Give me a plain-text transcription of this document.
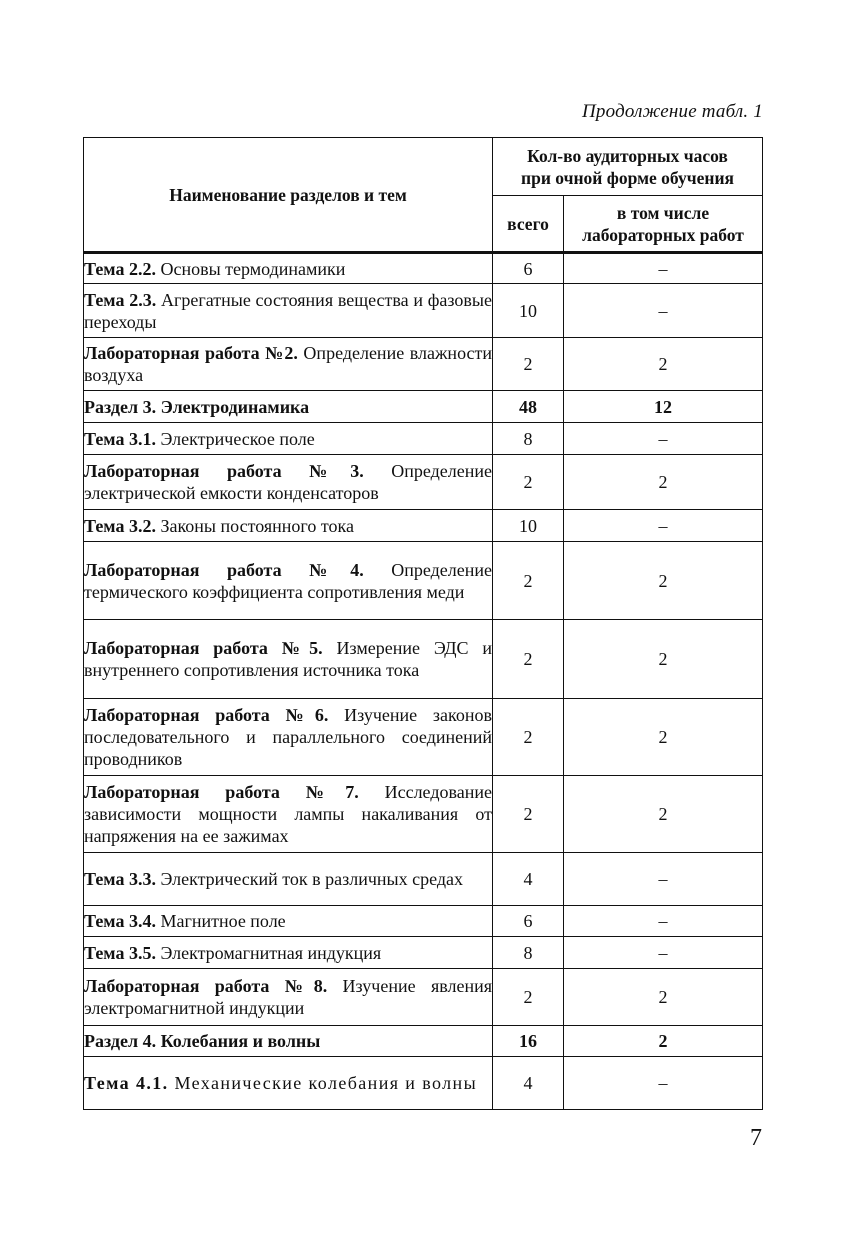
Продолжение табл. 1
Наименование разделов и тем	Кол-во аудиторных часов
при очной форме обучения	

	всего	в том числе
лабораторных работ

Тема 2.2. Основы термодинамики	6	–
Тема 2.3. Агрегатные состояния вещества и фазовые переходы	10	–
Лабораторная работа №2. Определение влажности воздуха	2	2
Раздел 3. Электродинамика	48	12
Тема 3.1. Электрическое поле	8	–
Лабораторная работа №3. Определение электрической емкости конденсаторов	2	2
Тема 3.2. Законы постоянного тока	10	–
Лабораторная работа №4. Определение термического коэффициента сопротивления меди	2	2
Лабораторная работа №5. Измерение ЭДС и внутреннего сопротивления источника тока	2	2
Лабораторная работа №6. Изучение законов последовательного и параллельного соединений проводников	2	2
Лабораторная работа №7. Исследование зависимости мощности лампы накаливания от напряжения на ее зажимах	2	2
Тема 3.3. Электрический ток в различных средах	4	–
Тема 3.4. Магнитное поле	6	–
Тема 3.5. Электромагнитная индукция	8	–
Лабораторная работа №8. Изучение явления электромагнитной индукции	2	2
Раздел 4. Колебания и волны	16	2
Тема 4.1. Механические колебания и волны	4	–
7
